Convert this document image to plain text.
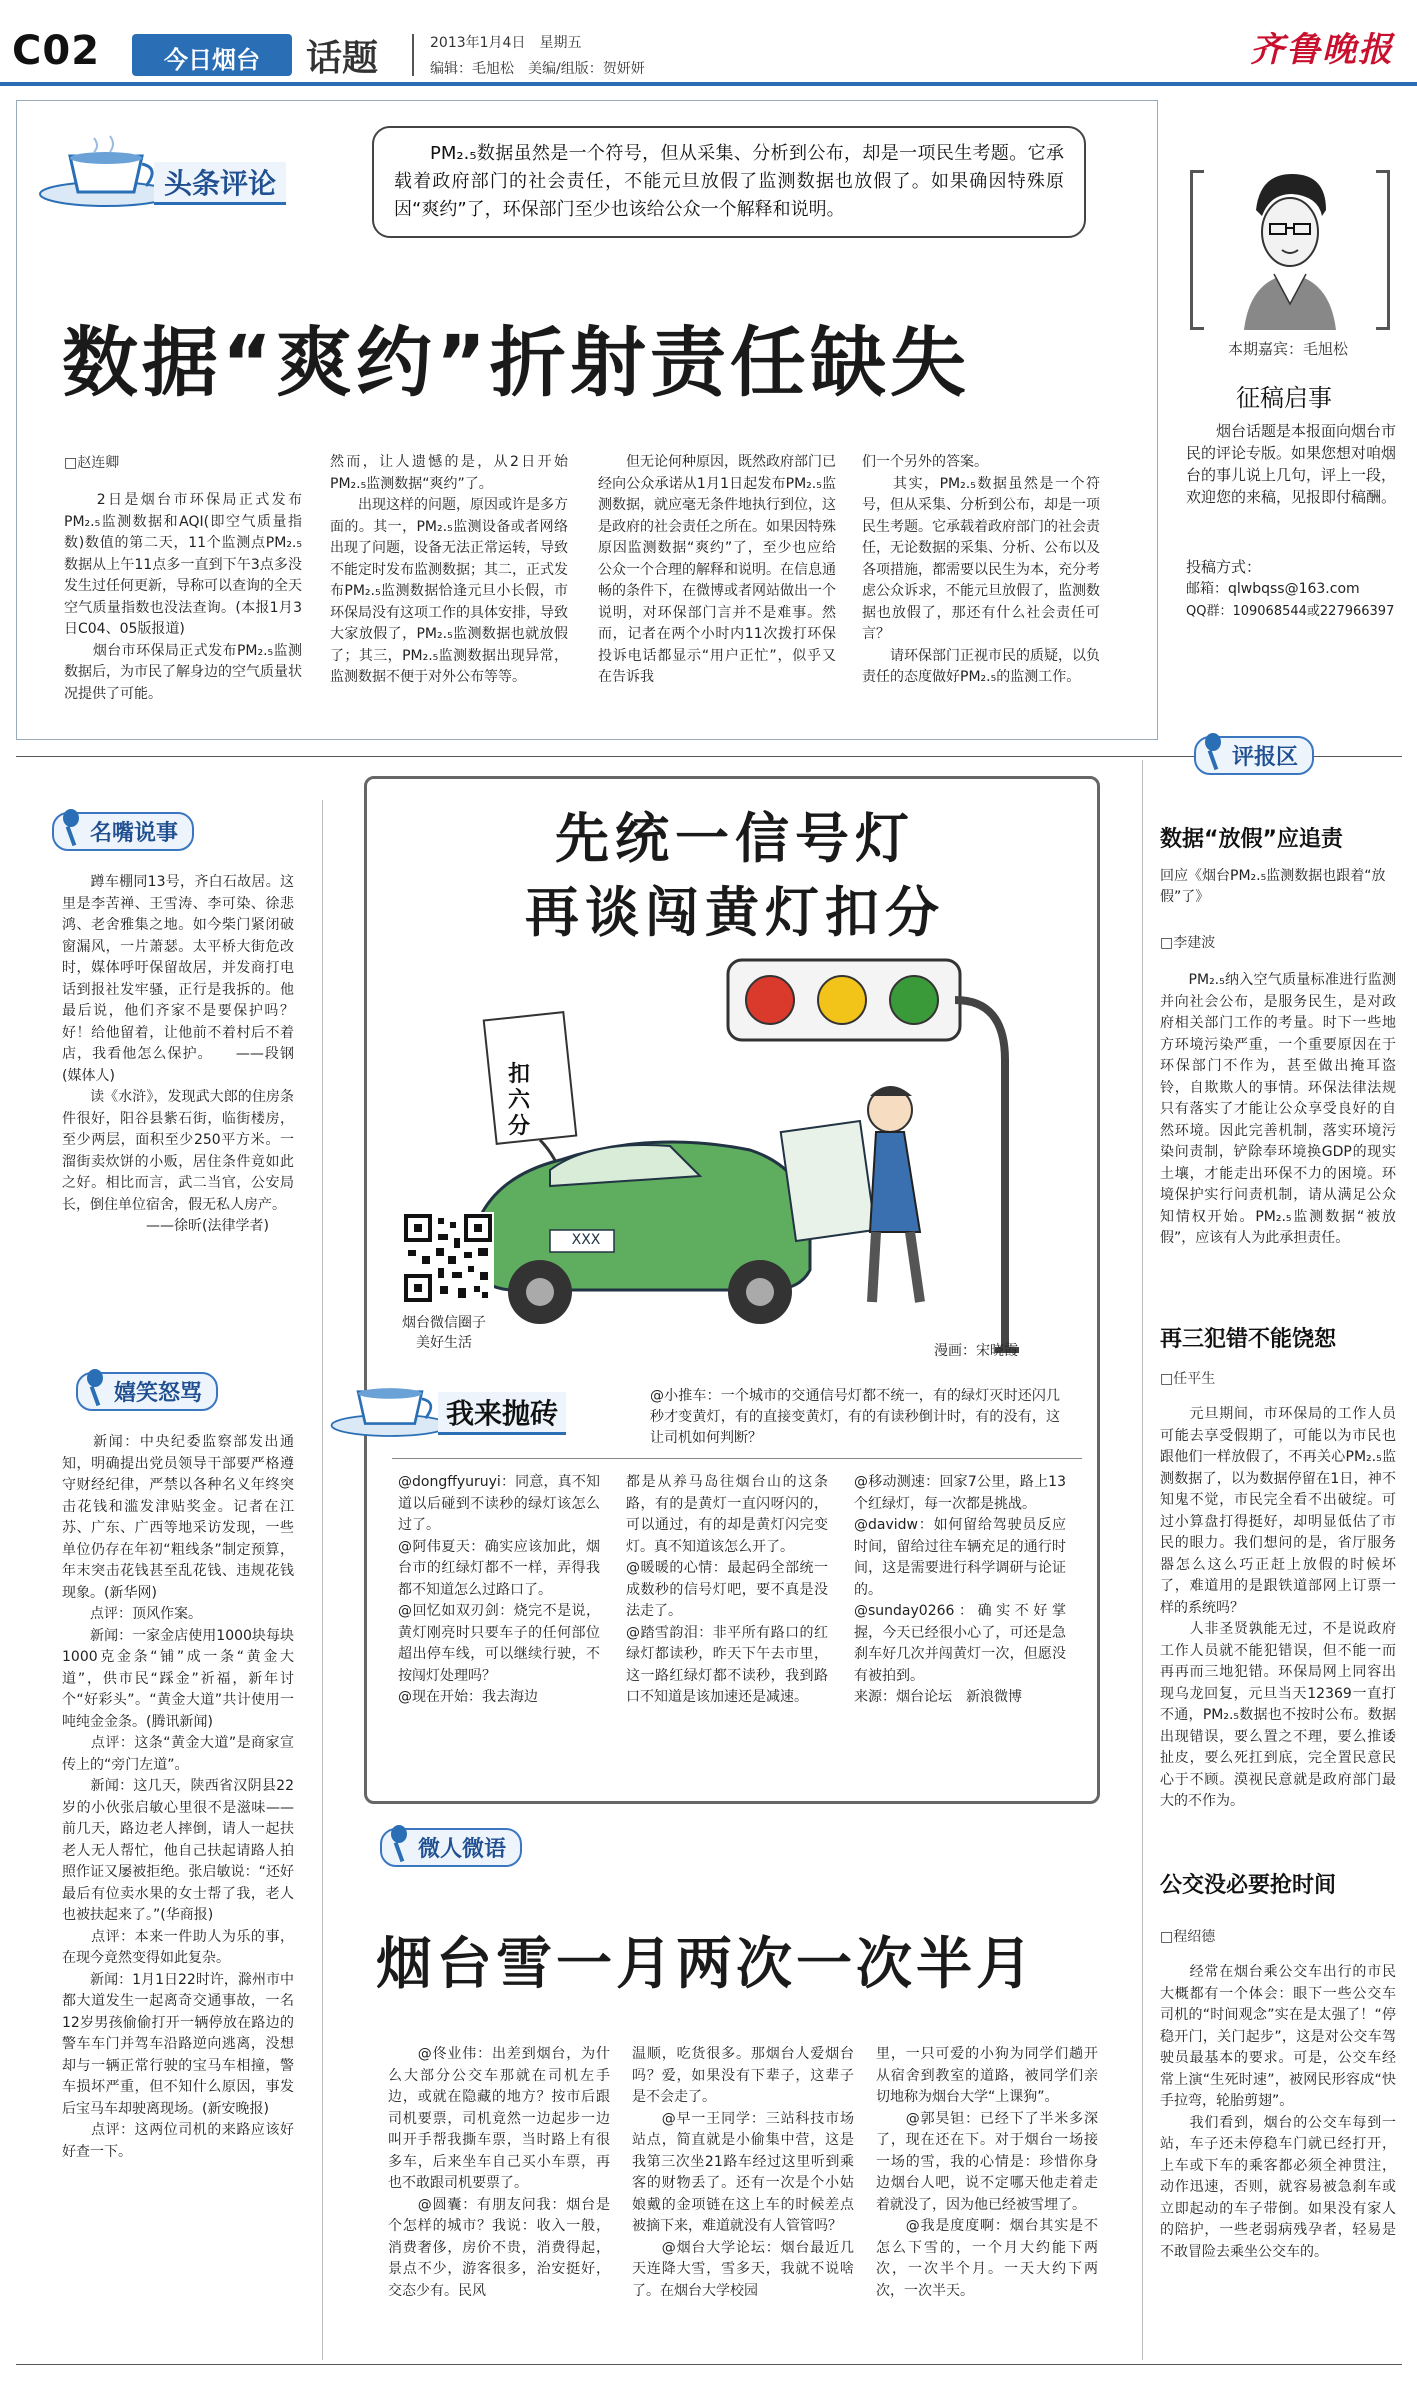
C02	今日烟台	话题	2013年1月4日　星期五
编辑：毛旭松　美编/组版：贺妍妍	齐鲁晚报
头条评论
PM₂.₅数据虽然是一个符号，但从采集、分析到公布，却是一项民生考题。它承载着政府部门的社会责任，不能元旦放假了监测数据也放假了。如果确因特殊原因“爽约”了，环保部门至少也该给公众一个解释和说明。
数据“爽约”折射责任缺失
□赵连卿
　　2日是烟台市环保局正式发布PM₂.₅监测数据和AQI(即空气质量指数)数值的第二天，11个监测点PM₂.₅数据从上午11点多一直到下午3点多没发生过任何更新，导称可以查询的全天空气质量指数也没法查询。(本报1月3日C04、05版报道)
　　烟台市环保局正式发布PM₂.₅监测数据后，为市民了解身边的空气质量状况提供了可能。
然而，让人遗憾的是，从2日开始PM₂.₅监测数据“爽约”了。
　　出现这样的问题，原因或许是多方面的。其一，PM₂.₅监测设备或者网络出现了问题，设备无法正常运转，导致不能定时发布监测数据；其二，正式发布PM₂.₅监测数据恰逢元旦小长假，市环保局没有这项工作的具体安排，导致大家放假了，PM₂.₅监测数据也就放假了；其三，PM₂.₅监测数据出现异常，监测数据不便于对外公布等等。
　　但无论何种原因，既然政府部门已经向公众承诺从1月1日起发布PM₂.₅监测数据，就应毫无条件地执行到位，这是政府的社会责任之所在。如果因特殊原因监测数据“爽约”了，至少也应给公众一个合理的解释和说明。在信息通畅的条件下，在微博或者网站做出一个说明，对环保部门言并不是难事。然而，记者在两个小时内11次拨打环保投诉电话都显示“用户正忙”，似乎又在告诉我
们一个另外的答案。
　　其实，PM₂.₅数据虽然是一个符号，但从采集、分析到公布，却是一项民生考题。它承载着政府部门的社会责任，无论数据的采集、分析、公布以及各项措施，都需要以民生为本，充分考虑公众诉求，不能元旦放假了，监测数据也放假了，那还有什么社会责任可言？
　　请环保部门正视市民的质疑，以负责任的态度做好PM₂.₅的监测工作。
本期嘉宾：毛旭松
征稿启事
　　烟台话题是本报面向烟台市民的评论专版。如果您想对咱烟台的事儿说上几句，评上一段，欢迎您的来稿，见报即付稿酬。
投稿方式：
邮箱：qlwbqss@163.com
QQ群：109068544或227966397
名嘴说事
　　蹲车棚同13号，齐白石故居。这里是李苦禅、王雪涛、李可染、徐悲鸿、老舍雅集之地。如今柴门紧闭破窗漏风，一片萧瑟。太平桥大街危改时，媒体呼吁保留故居，并发商打电话到报社发牢骚，正行是我拆的。他最后说，他们齐家不是要保护吗？好！给他留着，让他前不着村后不着店，我看他怎么保护。　　——段钢(媒体人)
　　读《水浒》，发现武大郎的住房条件很好，阳谷县紫石街，临街楼房，至少两层，面积至少250平方米。一溜街卖炊饼的小贩，居住条件竟如此之好。相比而言，武二当官，公安局长，倒住单位宿舍，假无私人房产。
　　　　　　——徐昕(法律学者)
嬉笑怒骂
　　新闻：中央纪委监察部发出通知，明确提出党员领导干部要严格遵守财经纪律，严禁以各种名义年终突击花钱和滥发津贴奖金。记者在江苏、广东、广西等地采访发现，一些单位仍存在年初“粗线条”制定预算，年末突击花钱甚至乱花钱、违规花钱现象。(新华网)
　　点评：顶风作案。
　　新闻：一家金店使用1000块每块1000克金条“铺”成一条“黄金大道”，供市民“踩金”祈福，新年讨个“好彩头”。“黄金大道”共计使用一吨纯金金条。(腾讯新闻)
　　点评：这条“黄金大道”是商家宣传上的“旁门左道”。
　　新闻：这几天，陕西省汉阴县22岁的小伙张启敏心里很不是滋味——前几天，路边老人摔倒，请人一起扶老人无人帮忙，他自己扶起请路人拍照作证又屡被拒绝。张启敏说：“还好最后有位卖水果的女士帮了我，老人也被扶起来了。”(华商报)
　　点评：本来一件助人为乐的事，在现今竟然变得如此复杂。
　　新闻：1月1日22时许，滁州市中都大道发生一起离奇交通事故，一名12岁男孩偷偷打开一辆停放在路边的警车车门并驾车沿路逆向逃离，没想却与一辆正常行驶的宝马车相撞，警车损坏严重，但不知什么原因，事发后宝马车却驶离现场。(新安晚报)
　　点评：这两位司机的来路应该好好查一下。
先统一信号灯
再谈闯黄灯扣分
扣六分
XXX
烟台微信圈子
美好生活	漫画：宋晓霞
我来抛砖
@小推车：一个城市的交通信号灯都不统一，有的绿灯灭时还闪几秒才变黄灯，有的直接变黄灯，有的有读秒倒计时，有的没有，这让司机如何判断？
@dongffyuruyi：同意，真不知道以后碰到不读秒的绿灯该怎么过了。
@阿伟夏天：确实应该加此，烟台市的红绿灯都不一样，弄得我都不知道怎么过路口了。
@回忆如双刃剑：烧完不是说，黄灯刚亮时只要车子的任何部位超出停车线，可以继续行驶，不按闯灯处理吗？
@现在开始：我去海边
都是从养马岛往烟台山的这条路，有的是黄灯一直闪呀闪的，可以通过，有的却是黄灯闪完变灯。真不知道该怎么开了。
@暖暖的心情：最起码全部统一成数秒的信号灯吧，要不真是没法走了。
@踏雪韵泪：非平所有路口的红绿灯都读秒，昨天下午去市里，这一路红绿灯都不读秒，我到路口不知道是该加速还是减速。
@移动测速：回家7公里，路上13个红绿灯，每一次都是挑战。
@davidw：如何留给驾驶员反应时间，留给过往车辆充足的通行时间，这是需要进行科学调研与论证的。
@sunday0266：确实不好掌握，今天已经很小心了，可还是急刹车好几次并闯黄灯一次，但愿没有被拍到。
来源：烟台论坛　新浪微博
微人微语
烟台雪一月两次一次半月
　　@佟业伟：出差到烟台，为什么大部分公交车那就在司机左手边，或就在隐藏的地方？按市后跟司机要票，司机竟然一边起步一边叫开手帮我撕车票，当时路上有很多车，后来坐车自己买小车票，再也不敢跟司机要票了。
　　@圆囊：有朋友问我：烟台是个怎样的城市？我说：收入一般，消费奢侈，房价不贵，消费得起，景点不少，游客很多，治安挺好，交态少有。民风
温顺，吃货很多。那烟台人爱烟台吗？爱，如果没有下辈子，这辈子是不会走了。
　　@早一王同学：三站科技市场站点，简直就是小偷集中营，这是我第三次坐21路车经过这里听到乘客的财物丢了。还有一次是个小姑娘戴的金项链在这上车的时候差点被摘下来，难道就没有人管管吗？
　　@烟台大学论坛：烟台最近几天连降大雪，雪多天，我就不说啥了。在烟台大学校园
里，一只可爱的小狗为同学们趟开从宿舍到教室的道路，被同学们亲切地称为烟台大学“上课狗”。
　　@郭昊钽：已经下了半米多深了，现在还在下。对于烟台一场接一场的雪，我的心情是：珍惜你身边烟台人吧，说不定哪天他走着走着就没了，因为他已经被雪埋了。
　　@我是度度啊：烟台其实是不怎么下雪的，一个月大约能下两次，一次半个月。一天大约下两次，一次半天。
评报区
数据“放假”应追责
回应《烟台PM₂.₅监测数据也跟着“放假”了》
□李建波
　　PM₂.₅纳入空气质量标准进行监测并向社会公布，是服务民生，是对政府相关部门工作的考量。时下一些地方环境污染严重，一个重要原因在于环保部门不作为，甚至做出掩耳盗铃，自欺欺人的事情。环保法律法规只有落实了才能让公众享受良好的自然环境。因此完善机制，落实环境污染问责制，铲除奉环境换GDP的现实土壤，才能走出环保不力的困境。环境保护实行问责机制，请从满足公众知情权开始。PM₂.₅监测数据“被放假”，应该有人为此承担责任。
再三犯错不能饶恕
□任平生
　　元旦期间，市环保局的工作人员可能去享受假期了，可能以为市民也跟他们一样放假了，不再关心PM₂.₅监测数据了，以为数据停留在1日，神不知鬼不觉，市民完全看不出破绽。可过小算盘打得挺好，却明显低估了市民的眼力。我们想问的是，省厅服务器怎么这么巧正赶上放假的时候坏了，难道用的是跟铁道部网上订票一样的系统吗？
　　人非圣贤孰能无过，不是说政府工作人员就不能犯错误，但不能一而再再而三地犯错。环保局网上同容出现乌龙回复，元旦当天12369一直打不通，PM₂.₅数据也不按时公布。数据出现错误，要么置之不理，要么推诿扯皮，要么死扛到底，完全置民意民心于不顾。漠视民意就是政府部门最大的不作为。
公交没必要抢时间
□程绍德
　　经常在烟台乘公交车出行的市民大概都有一个体会：眼下一些公交车司机的“时间观念”实在是太强了！“停稳开门，关门起步”，这是对公交车驾驶员最基本的要求。可是，公交车经常上演“生死时速”，被网民形容成“快手拉弯，轮胎剪翅”。
　　我们看到，烟台的公交车每到一站，车子还未停稳车门就已经打开，上车或下车的乘客都必须全神贯注，动作迅速，否则，就容易被急刹车或立即起动的车子带倒。如果没有家人的陪护，一些老弱病残孕者，轻易是不敢冒险去乘坐公交车的。
